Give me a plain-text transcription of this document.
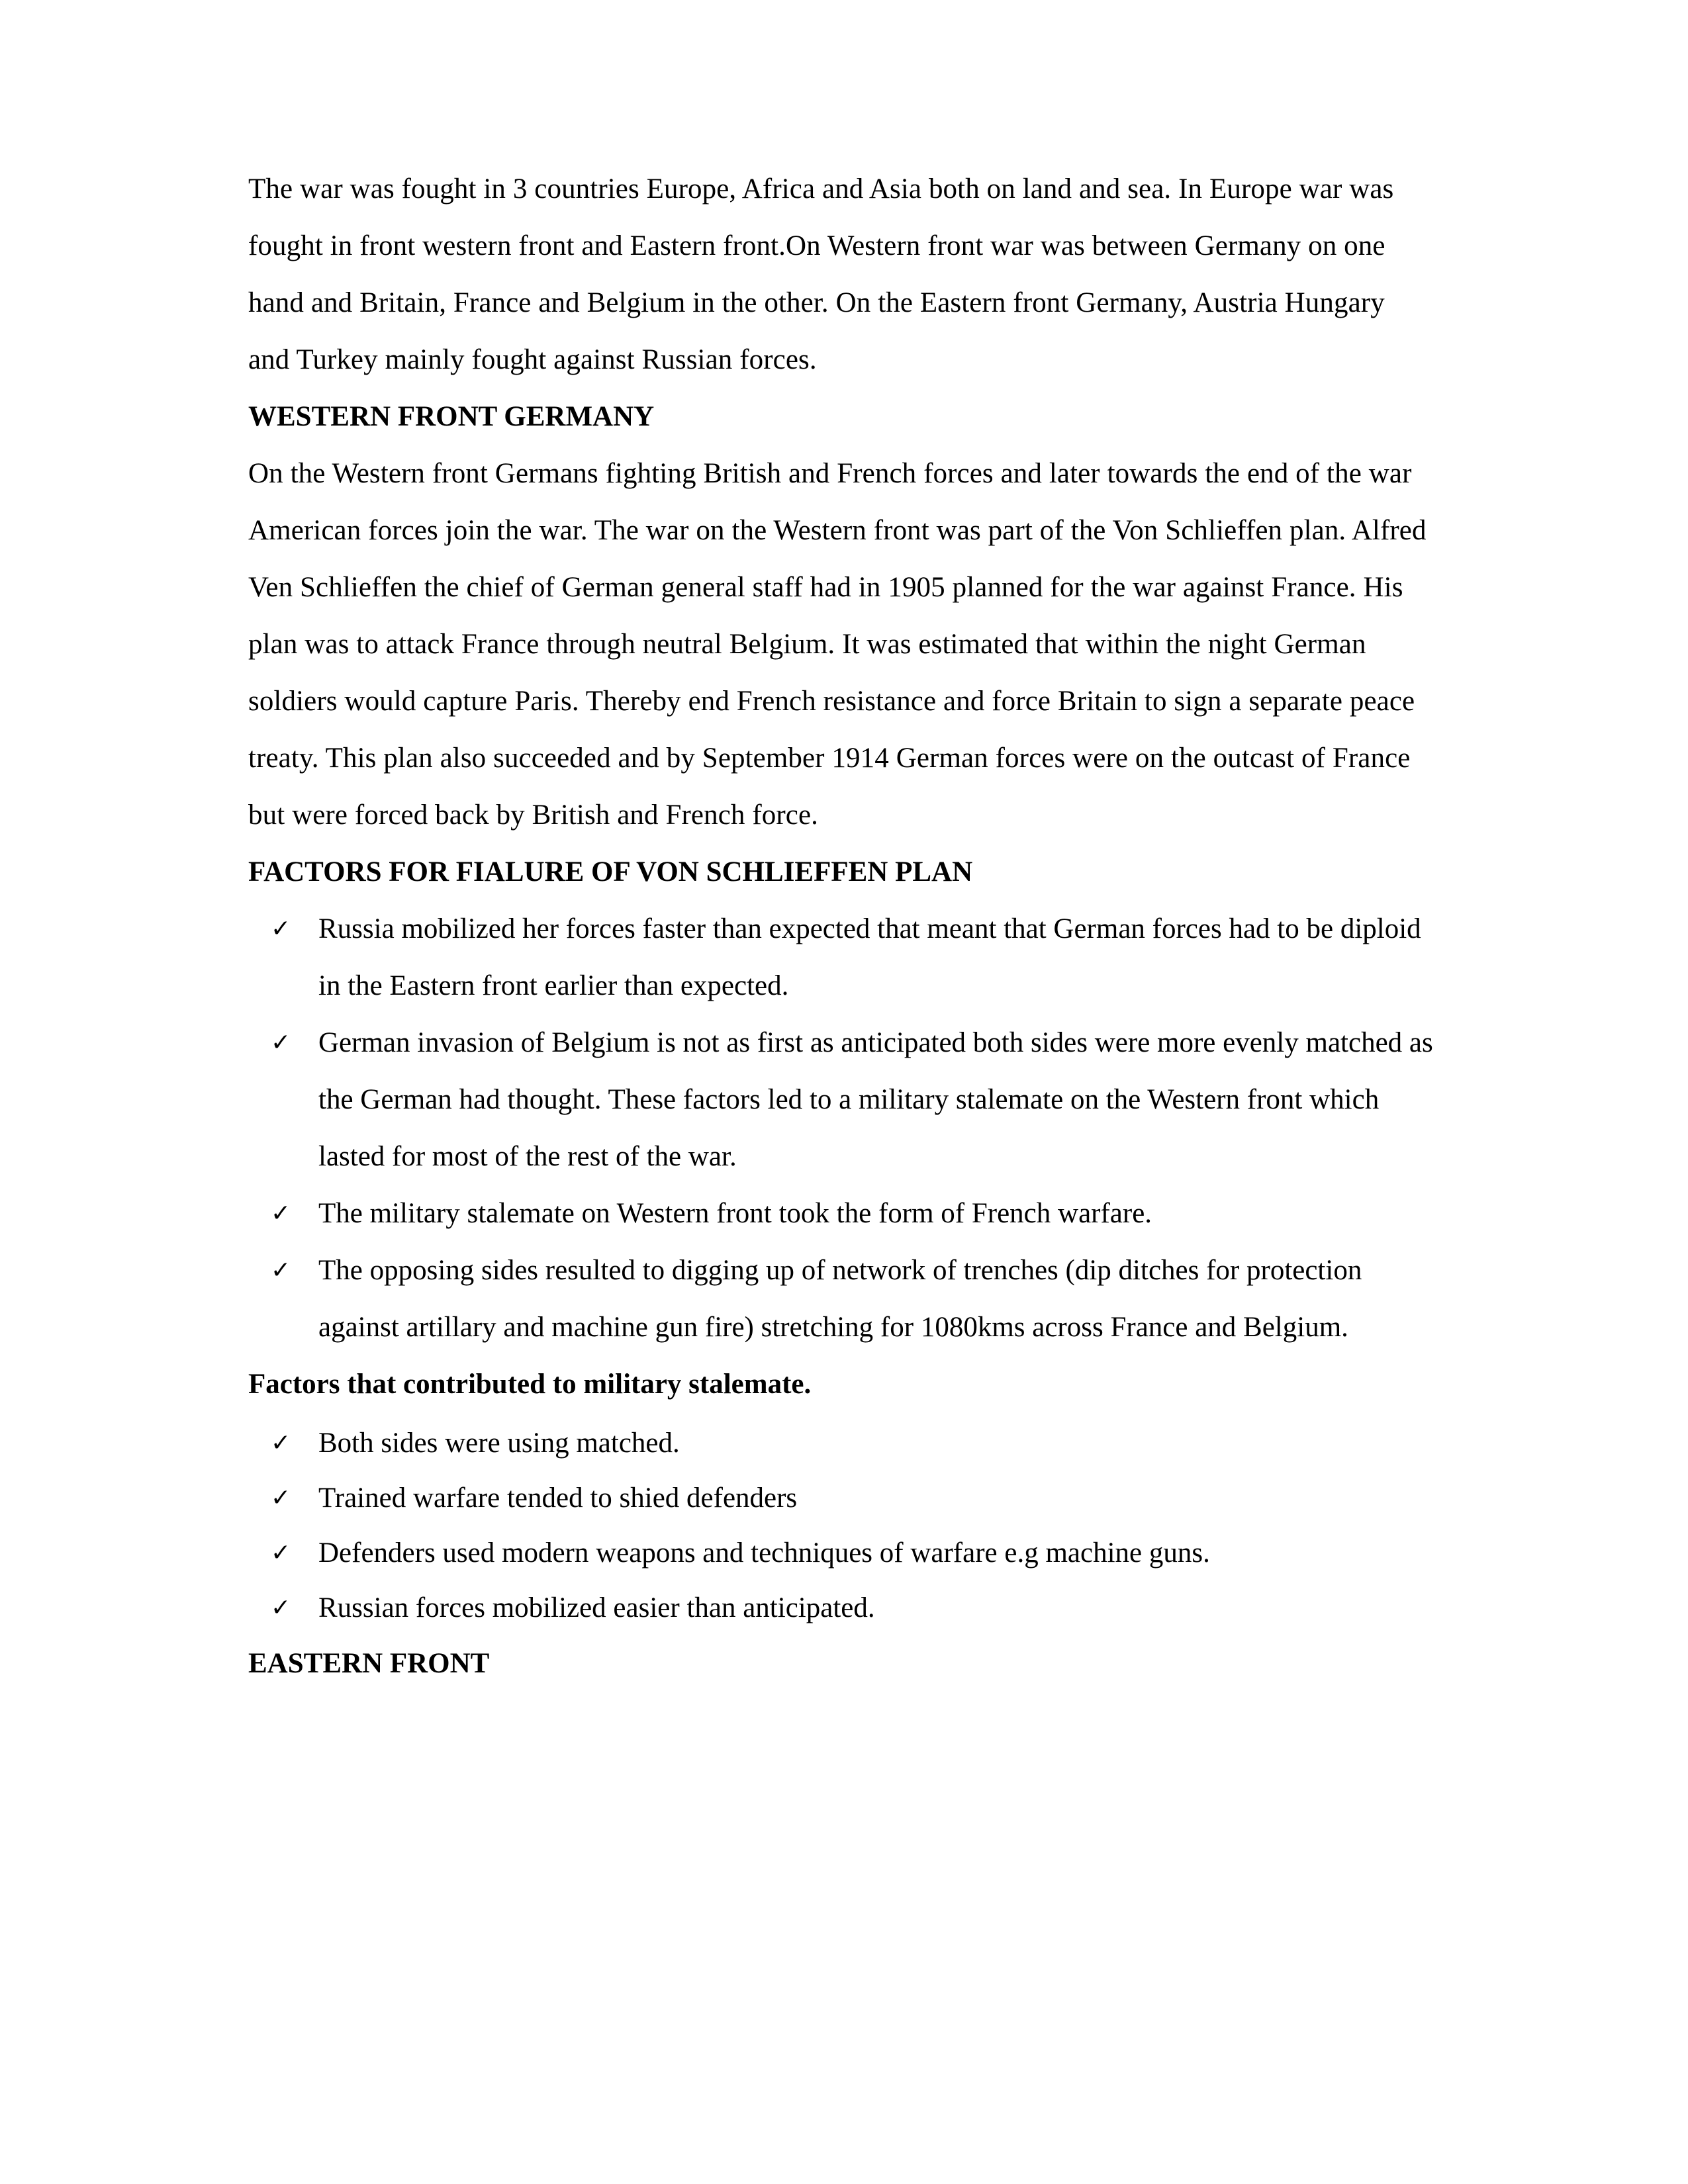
The war was fought in 3 countries Europe, Africa and Asia both on land and sea. In Europe war was fought in front western front and Eastern front.On Western front war was between Germany on one hand and Britain, France and Belgium in the other. On the Eastern front Germany, Austria Hungary and Turkey mainly fought against Russian forces.

WESTERN FRONT GERMANY

On the Western front Germans fighting British and French forces and later towards the end of the war American forces join the war. The war on the Western front was part of the Von Schlieffen plan. Alfred Ven Schlieffen the chief of German general staff had in 1905 planned for the war against France. His plan was to attack France through neutral Belgium. It was estimated that within the night German soldiers would capture Paris. Thereby end French resistance and force Britain to sign a separate peace treaty. This plan also succeeded and by September 1914 German forces were on the outcast of France but were forced back by British and French force.

FACTORS FOR FIALURE OF VON SCHLIEFFEN PLAN
✓ Russia mobilized her forces faster than expected that meant that German forces had to be diploid in the Eastern front earlier than expected.
✓ German invasion of Belgium is not as first as anticipated both sides were more evenly matched as the German had thought. These factors led to a military stalemate on the Western front which lasted for most of the rest of the war.
✓ The military stalemate on Western front took the form of French warfare.
✓ The opposing sides resulted to digging up of network of trenches (dip ditches for protection against artillary and machine gun fire) stretching for 1080kms across France and Belgium.
Factors that contributed to military stalemate.
✓ Both sides were using matched.
✓ Trained warfare tended to shied defenders
✓ Defenders used modern weapons and techniques of warfare e.g machine guns.
✓ Russian forces mobilized easier than anticipated.
EASTERN FRONT
